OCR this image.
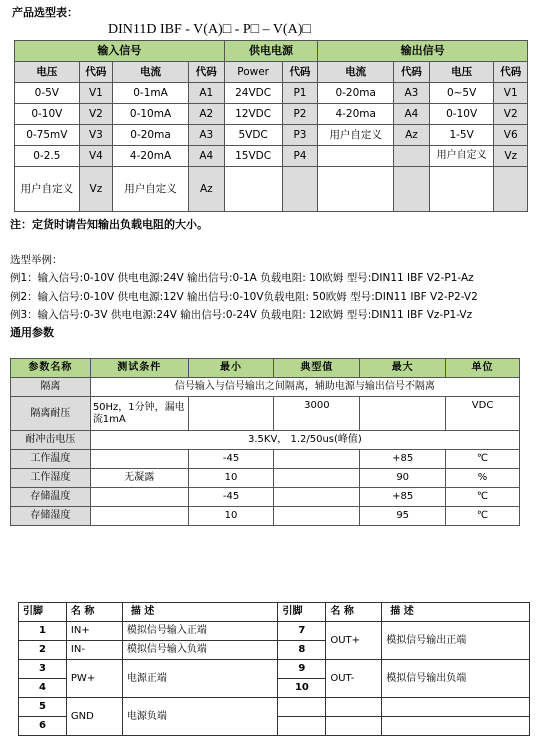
产品选型表：
DIN11D IBF - V(A)□ - P□ – V(A)□
输入信号				供电电源		输出信号			
电压	代码	电流	代码	Power	代码	电流	代码	电压	代码
0-5V	V1	0-1mA	A1	24VDC	P1	0-20ma	A3	0~5V	V1
0-10V	V2	0-10mA	A2	12VDC	P2	4-20ma	A4	0-10V	V2
0-75mV	V3	0-20ma	A3	5VDC	P3	用户自定义	Az	1-5V	V6
0-2.5	V4	4-20mA	A4	15VDC	P4			用户自定义	Vz
用户自定义	Vz	用户自定义	Az						
注：定货时请告知输出负载电阻的大小。
选型举例：
例1：输入信号:0-10V 供电电源:24V 输出信号:0-1A 负载电阻: 10欧姆 型号:DIN11 IBF V2-P1-Az
例2：输入信号:0-10V 供电电源:12V 输出信号:0-10V负载电阻: 50欧姆 型号:DIN11 IBF V2-P2-V2
例3：输入信号:0-3V 供电电源:24V 输出信号:0-24V 负载电阻: 12欧姆 型号:DIN11 IBF Vz-P1-Vz
通用参数
参数名称	测试条件	最小	典型值	最大	单位
隔离	信号输入与信号输出之间隔离，辅助电源与输出信号不隔离				
隔离耐压	50Hz，1分钟，漏电流1mA		3000		VDC
耐冲击电压	3.5KV， 1.2/50us(峰值)				
工作温度		-45		+85	℃
工作湿度	无凝露	10		90	%
存储温度		-45		+85	℃
存储湿度		10		95	℃
引脚	名 称	描 述	引脚	名 称	描 述
1	IN+	模拟信号输入正端	7	OUT+	模拟信号输出正端
2	IN-	模拟信号输入负端	8		
3	PW+	电源正端	9	OUT-	模拟信号输出负端
4			10		
5	GND	电源负端			
6					
